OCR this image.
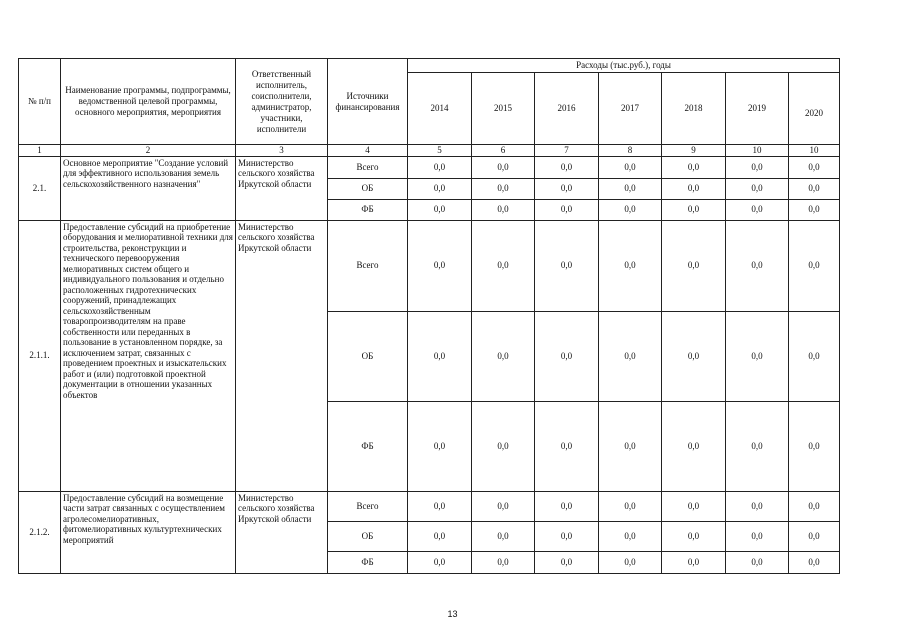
№ п/п	Наименование программы, подпрограммы, ведомственной целевой программы, основного мероприятия, мероприятия	Ответственный исполнитель, соисполнители, администратор, участники, исполнители	Источники финансирования	Расходы (тыс.руб.), годы						
				2014	2015	2016	2017	2018	2019	2020
1	2	3	4	5	6	7	8	9	10	10
2.1.	Основное мероприятие "Создание условий для эффективного использования земель сельскохозяйственного назначения"	Министерство сельского хозяйства Иркутской области	Всего	0,0	0,0	0,0	0,0	0,0	0,0	0,0
			ОБ	0,0	0,0	0,0	0,0	0,0	0,0	0,0
			ФБ	0,0	0,0	0,0	0,0	0,0	0,0	0,0
2.1.1.	Предоставление субсидий на приобретение оборудования и мелиоративной техники для строительства, реконструкции и технического перевооружения мелиоративных систем общего и индивидуального пользования и отдельно расположенных гидротехнических сооружений, принадлежащих сельскохозяйственным товаропроизводителям на праве собственности или переданных в пользование в установленном порядке, за исключением затрат, связанных с проведением проектных и изыскательских работ и (или) подготовкой проектной документации в отношении указанных объектов	Министерство сельского хозяйства Иркутской области	Всего	0,0	0,0	0,0	0,0	0,0	0,0	0,0
			ОБ	0,0	0,0	0,0	0,0	0,0	0,0	0,0
			ФБ	0,0	0,0	0,0	0,0	0,0	0,0	0,0
2.1.2.	Предоставление субсидий на возмещение части затрат связанных с осуществлением агролесомелиоративных, фитомелиоративных культуртехнических мероприятий	Министерство сельского хозяйства Иркутской области	Всего	0,0	0,0	0,0	0,0	0,0	0,0	0,0
			ОБ	0,0	0,0	0,0	0,0	0,0	0,0	0,0
			ФБ	0,0	0,0	0,0	0,0	0,0	0,0	0,0
13
